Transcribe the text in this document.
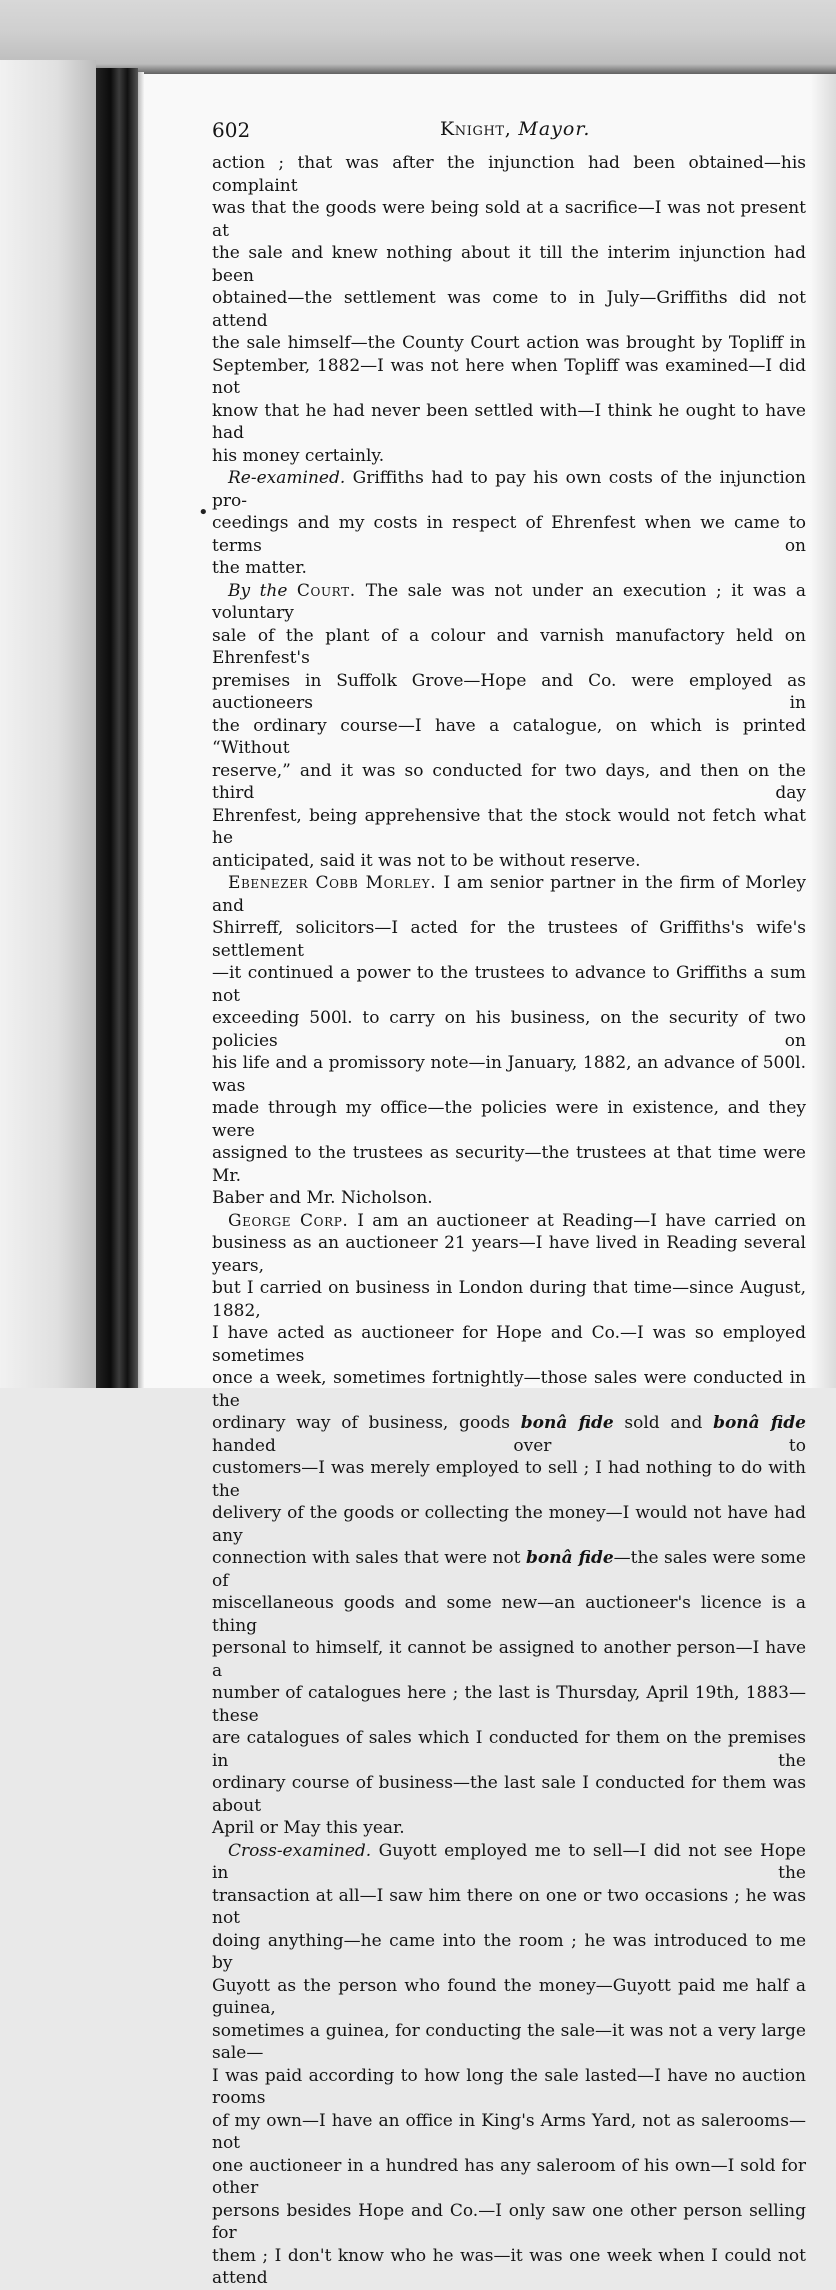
602	Knight, Mayor.
•

action ; that was after the injunction had been obtained—his complaint

was that the goods were being sold at a sacrifice—I was not present at

the sale and knew nothing about it till the interim injunction had been

obtained—the settlement was come to in July—Griffiths did not attend

the sale himself—the County Court action was brought by Topliff in

September, 1882—I was not here when Topliff was examined—I did not

know that he had never been settled with—I think he ought to have had

his money certainly.

Re-examined. Griffiths had to pay his own costs of the injunction pro-

ceedings and my costs in respect of Ehrenfest when we came to terms on

the matter.

By the Court. The sale was not under an execution ; it was a voluntary

sale of the plant of a colour and varnish manufactory held on Ehrenfest's

premises in Suffolk Grove—Hope and Co. were employed as auctioneers in

the ordinary course—I have a catalogue, on which is printed “Without

reserve,” and it was so conducted for two days, and then on the third day

Ehrenfest, being apprehensive that the stock would not fetch what he

anticipated, said it was not to be without reserve.

Ebenezer Cobb Morley. I am senior partner in the firm of Morley and

Shirreff, solicitors—I acted for the trustees of Griffiths's wife's settlement

—it continued a power to the trustees to advance to Griffiths a sum not

exceeding 500l. to carry on his business, on the security of two policies on

his life and a promissory note—in January, 1882, an advance of 500l. was

made through my office—the policies were in existence, and they were

assigned to the trustees as security—the trustees at that time were Mr.

Baber and Mr. Nicholson.

George Corp. I am an auctioneer at Reading—I have carried on

business as an auctioneer 21 years—I have lived in Reading several years,

but I carried on business in London during that time—since August, 1882,

I have acted as auctioneer for Hope and Co.—I was so employed sometimes

once a week, sometimes fortnightly—those sales were conducted in the

ordinary way of business, goods bonâ fide sold and bonâ fide handed over to

customers—I was merely employed to sell ; I had nothing to do with the

delivery of the goods or collecting the money—I would not have had any

connection with sales that were not bonâ fide—the sales were some of

miscellaneous goods and some new—an auctioneer's licence is a thing

personal to himself, it cannot be assigned to another person—I have a

number of catalogues here ; the last is Thursday, April 19th, 1883—these

are catalogues of sales which I conducted for them on the premises in the

ordinary course of business—the last sale I conducted for them was about

April or May this year.

Cross-examined. Guyott employed me to sell—I did not see Hope in the

transaction at all—I saw him there on one or two occasions ; he was not

doing anything—he came into the room ; he was introduced to me by

Guyott as the person who found the money—Guyott paid me half a guinea,

sometimes a guinea, for conducting the sale—it was not a very large sale—

I was paid according to how long the sale lasted—I have no auction rooms

of my own—I have an office in King's Arms Yard, not as salerooms—not

one auctioneer in a hundred has any saleroom of his own—I sold for other

persons besides Hope and Co.—I only saw one other person selling for

them ; I don't know who he was—it was one week when I could not attend
